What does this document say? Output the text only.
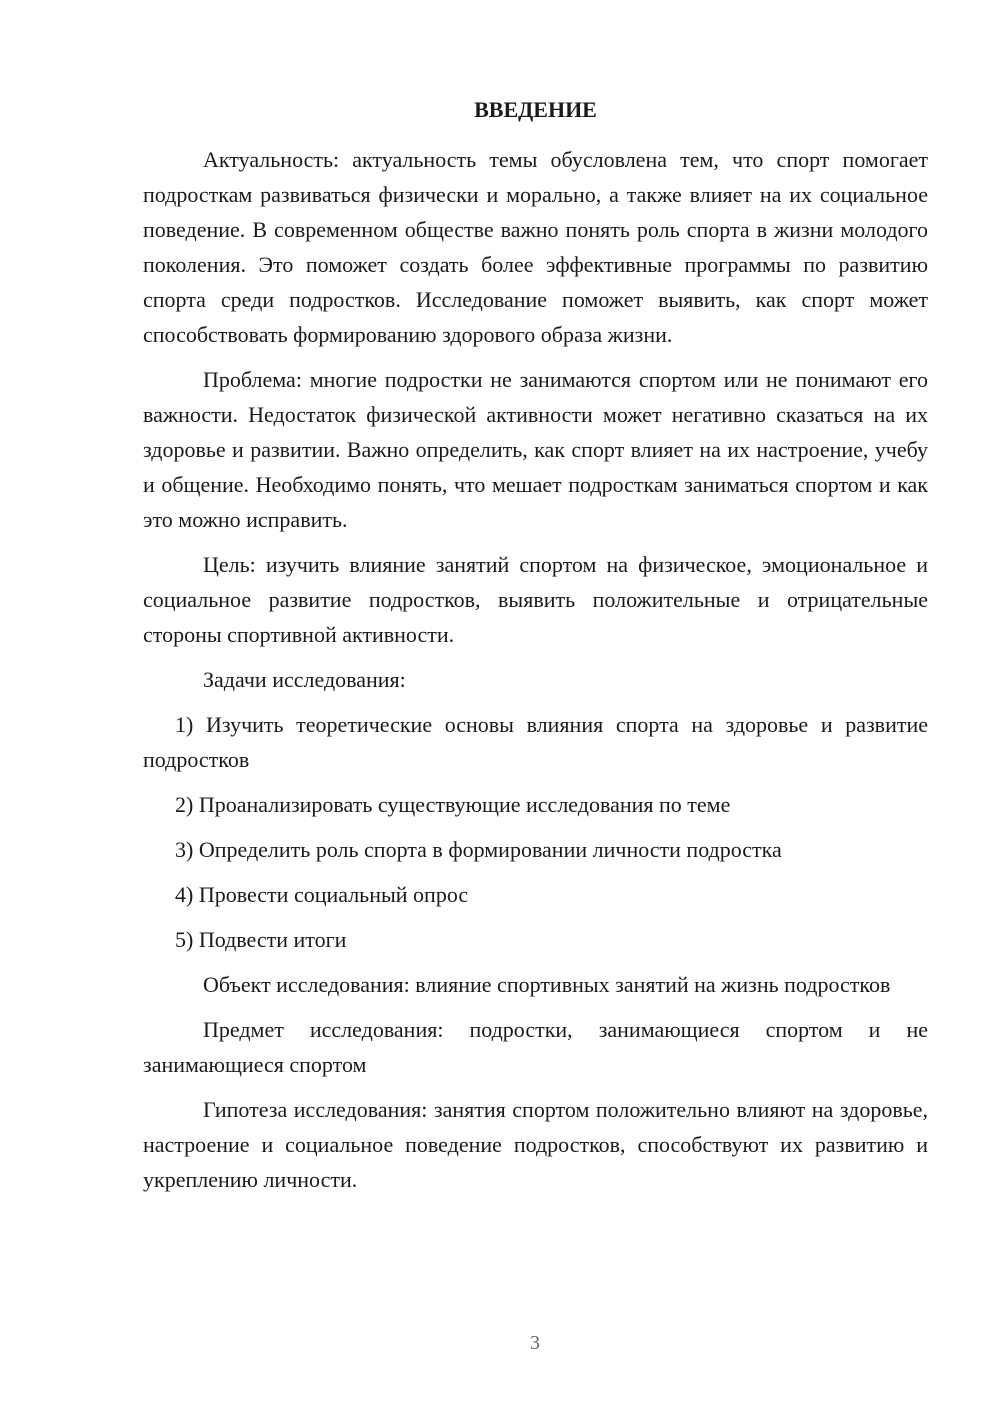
ВВЕДЕНИЕ

Актуальность: актуальность темы обусловлена тем, что спорт помогает подросткам развиваться физически и морально, а также влияет на их социальное поведение. В современном обществе важно понять роль спорта в жизни молодого поколения. Это поможет создать более эффективные программы по развитию спорта среди подростков. Исследование поможет выявить, как спорт может способствовать формированию здорового образа жизни.

Проблема: многие подростки не занимаются спортом или не понимают его важности. Недостаток физической активности может негативно сказаться на их здоровье и развитии. Важно определить, как спорт влияет на их настроение, учебу и общение. Необходимо понять, что мешает подросткам заниматься спортом и как это можно исправить.

Цель: изучить влияние занятий спортом на физическое, эмоциональное и социальное развитие подростков, выявить положительные и отрицательные стороны спортивной активности.

Задачи исследования:

1) Изучить теоретические основы влияния спорта на здоровье и развитие подростков
2) Проанализировать существующие исследования по теме
3) Определить роль спорта в формировании личности подростка
4) Провести социальный опрос
5) Подвести итоги

Объект исследования: влияние спортивных занятий на жизнь подростков

Предмет исследования: подростки, занимающиеся спортом и не занимающиеся спортом

Гипотеза исследования: занятия спортом положительно влияют на здоровье, настроение и социальное поведение подростков, способствуют их развитию и укреплению личности.

3
